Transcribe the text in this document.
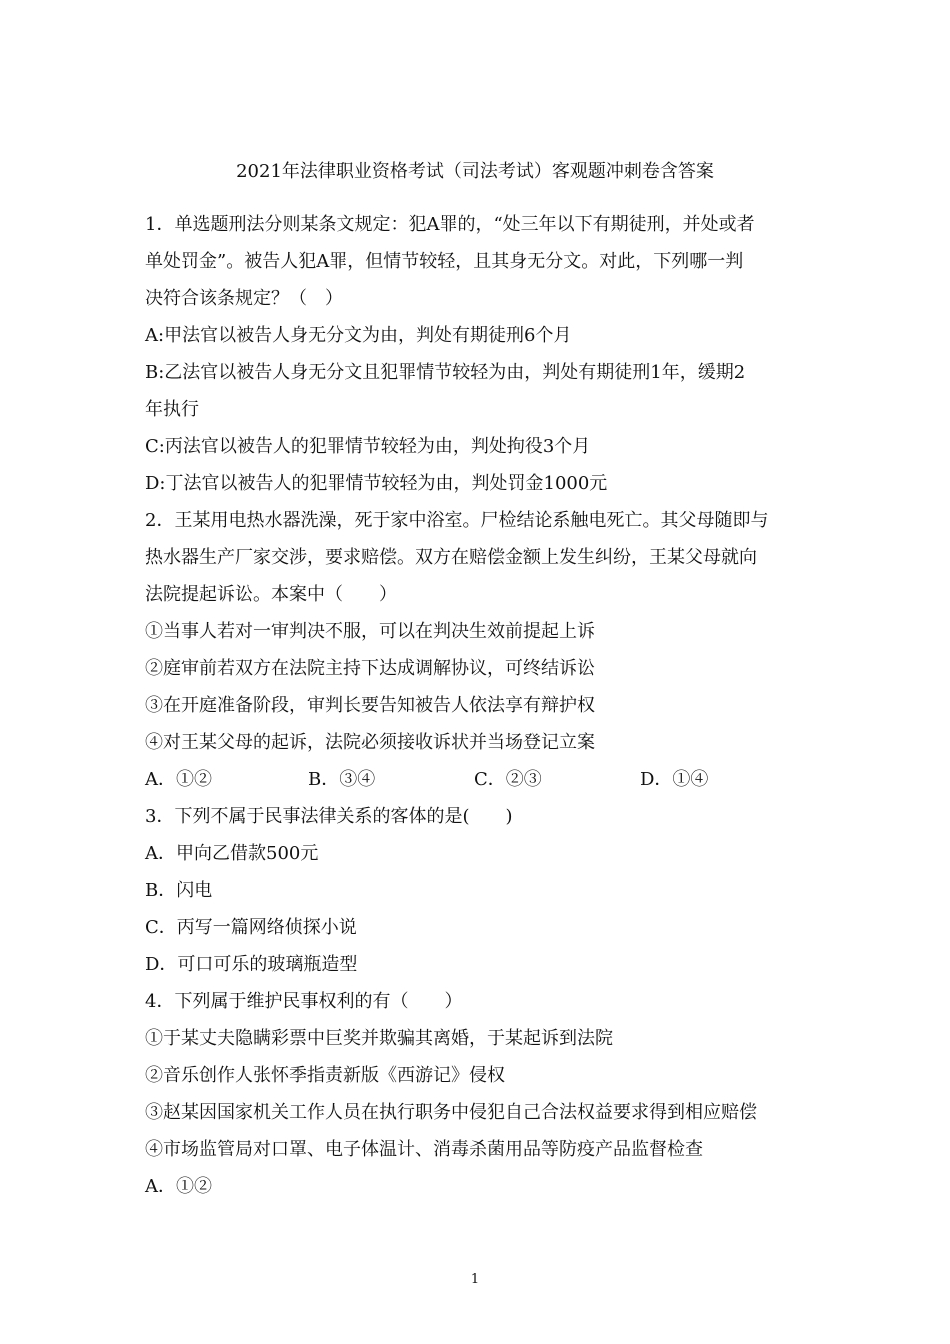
2021年法律职业资格考试（司法考试）客观题冲刺卷含答案
1．单选题刑法分则某条文规定：犯A罪的，“处三年以下有期徒刑，并处或者
单处罚金”。被告人犯A罪，但情节较轻，且其身无分文。对此，下列哪一判
决符合该条规定？（　）
A:甲法官以被告人身无分文为由，判处有期徒刑6个月
B:乙法官以被告人身无分文且犯罪情节较轻为由，判处有期徒刑1年，缓期2
年执行
C:丙法官以被告人的犯罪情节较轻为由，判处拘役3个月
D:丁法官以被告人的犯罪情节较轻为由，判处罚金1000元
2．王某用电热水器洗澡，死于家中浴室。尸检结论系触电死亡。其父母随即与
热水器生产厂家交涉，要求赔偿。双方在赔偿金额上发生纠纷，王某父母就向
法院提起诉讼。本案中（　　）
①当事人若对一审判决不服，可以在判决生效前提起上诉
②庭审前若双方在法院主持下达成调解协议，可终结诉讼
③在开庭准备阶段，审判长要告知被告人依法享有辩护权
④对王某父母的起诉，法院必须接收诉状并当场登记立案
A．①②	B．③④	C．②③	D．①④
3．下列不属于民事法律关系的客体的是(　　)
A．甲向乙借款500元
B．闪电
C．丙写一篇网络侦探小说
D．可口可乐的玻璃瓶造型
4．下列属于维护民事权利的有（　　）
①于某丈夫隐瞒彩票中巨奖并欺骗其离婚，于某起诉到法院
②音乐创作人张怀季指责新版《西游记》侵权
③赵某因国家机关工作人员在执行职务中侵犯自己合法权益要求得到相应赔偿
④市场监管局对口罩、电子体温计、消毒杀菌用品等防疫产品监督检查
A．①②
1
